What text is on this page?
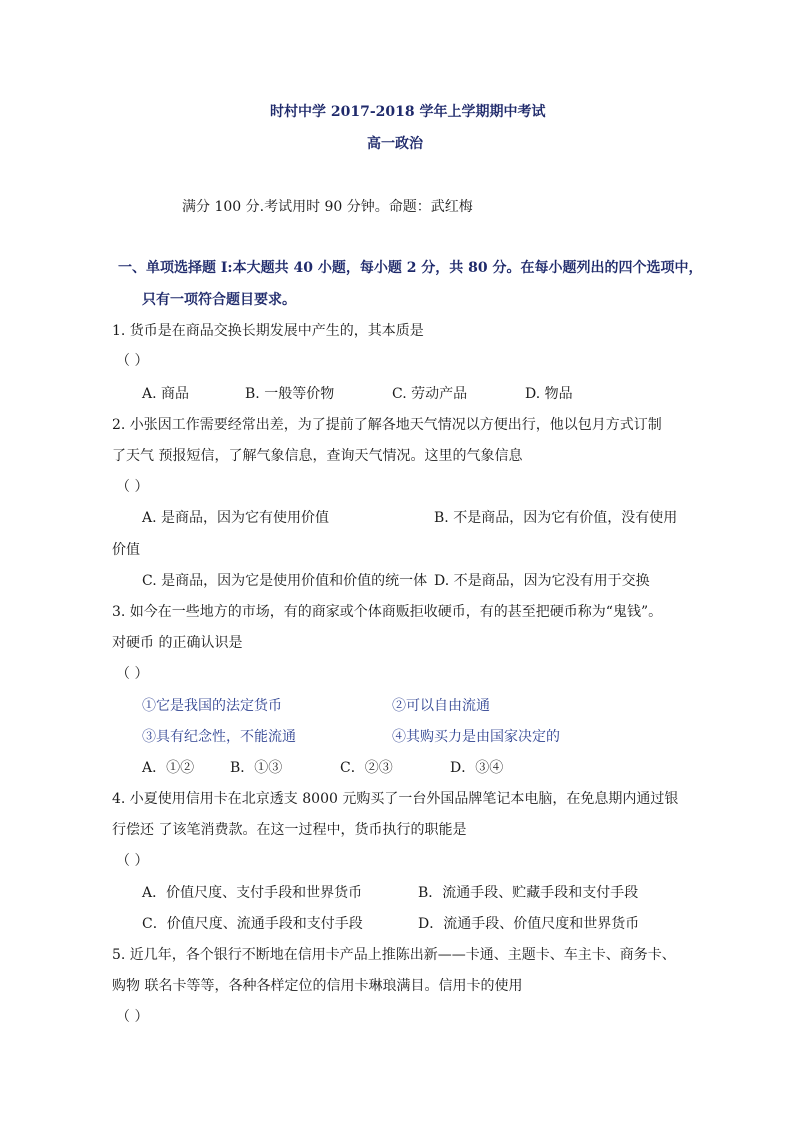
时村中学 2017-2018 学年上学期期中考试
高一政治
满分 100 分.考试用时 90 分钟。命题：武红梅
一、单项选择题 I:本大题共 40 小题，每小题 2 分，共 80 分。在每小题列出的四个选项中，
只有一项符合题目要求。
1. 货币是在商品交换长期发展中产生的，其本质是
（ ）
A. 商品	B. 一般等价物	C. 劳动产品	D. 物品
2. 小张因工作需要经常出差，为了提前了解各地天气情况以方便出行，他以包月方式订制
了天气 预报短信，了解气象信息，查询天气情况。这里的气象信息
（ ）
A. 是商品，因为它有使用价值	B. 不是商品，因为它有价值，没有使用
价值
C. 是商品，因为它是使用价值和价值的统一体 D. 不是商品，因为它没有用于交换
3. 如今在一些地方的市场，有的商家或个体商贩拒收硬币，有的甚至把硬币称为“鬼钱”。
对硬币 的正确认识是
（ ）
①它是我国的法定货币	②可以自由流通
③具有纪念性，不能流通	④其购买力是由国家决定的
A．①②	B．①③	C．②③	D．③④
4. 小夏使用信用卡在北京透支 8000 元购买了一台外国品牌笔记本电脑，在免息期内通过银
行偿还 了该笔消费款。在这一过程中，货币执行的职能是
（ ）
A．价值尺度、支付手段和世界货币	B．流通手段、贮藏手段和支付手段
C．价值尺度、流通手段和支付手段	D．流通手段、价值尺度和世界货币
5. 近几年，各个银行不断地在信用卡产品上推陈出新——卡通、主题卡、车主卡、商务卡、
购物 联名卡等等，各种各样定位的信用卡琳琅满目。信用卡的使用
（ ）
